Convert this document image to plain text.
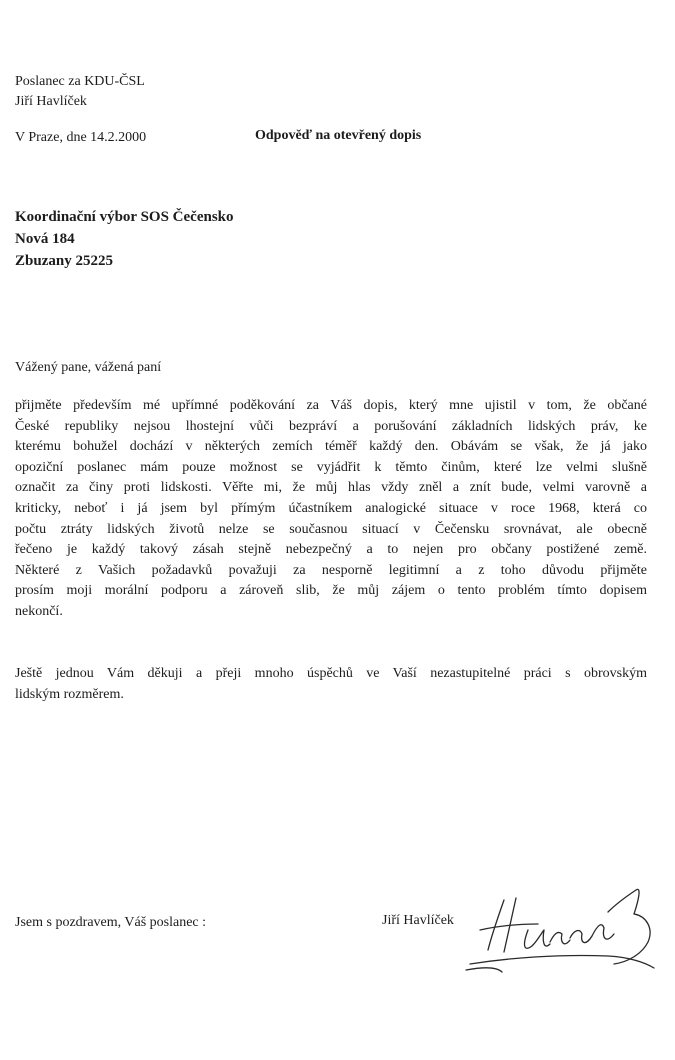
Poslanec za KDU-ČSL
Jiří Havlíček
V Praze, dne 14.2.2000	Odpověď na otevřený dopis
Koordinační výbor SOS Čečensko
Nová 184
Zbuzany 25225
Vážený pane, vážená paní
přijměte především mé upřímné poděkování za Váš dopis, který mne ujistil v tom, že občané
České republiky nejsou lhostejní vůči bezpráví a porušování základních lidských práv, ke
kterému bohužel dochází v některých zemích téměř každý den. Obávám se však, že já jako
opoziční poslanec mám pouze možnost se vyjádřit k těmto činům, které lze velmi slušně
označit za činy proti lidskosti. Věřte mi, že můj hlas vždy zněl a znít bude, velmi varovně a
kriticky, neboť i já jsem byl přímým účastníkem analogické situace v roce 1968, která co
počtu ztráty lidských životů nelze se současnou situací v Čečensku srovnávat, ale obecně
řečeno je každý takový zásah stejně nebezpečný a to nejen pro občany postižené země.
Některé z Vašich požadavků považuji za nesporně legitimní a z toho důvodu přijměte
prosím moji morální podporu a zároveň slib, že můj zájem o tento problém tímto dopisem
nekončí.
Ještě jednou Vám děkuji a přeji mnoho úspěchů ve Vaší nezastupitelné práci s obrovským
lidským rozměrem.
Jsem s pozdravem, Váš poslanec :	Jiří Havlíček
